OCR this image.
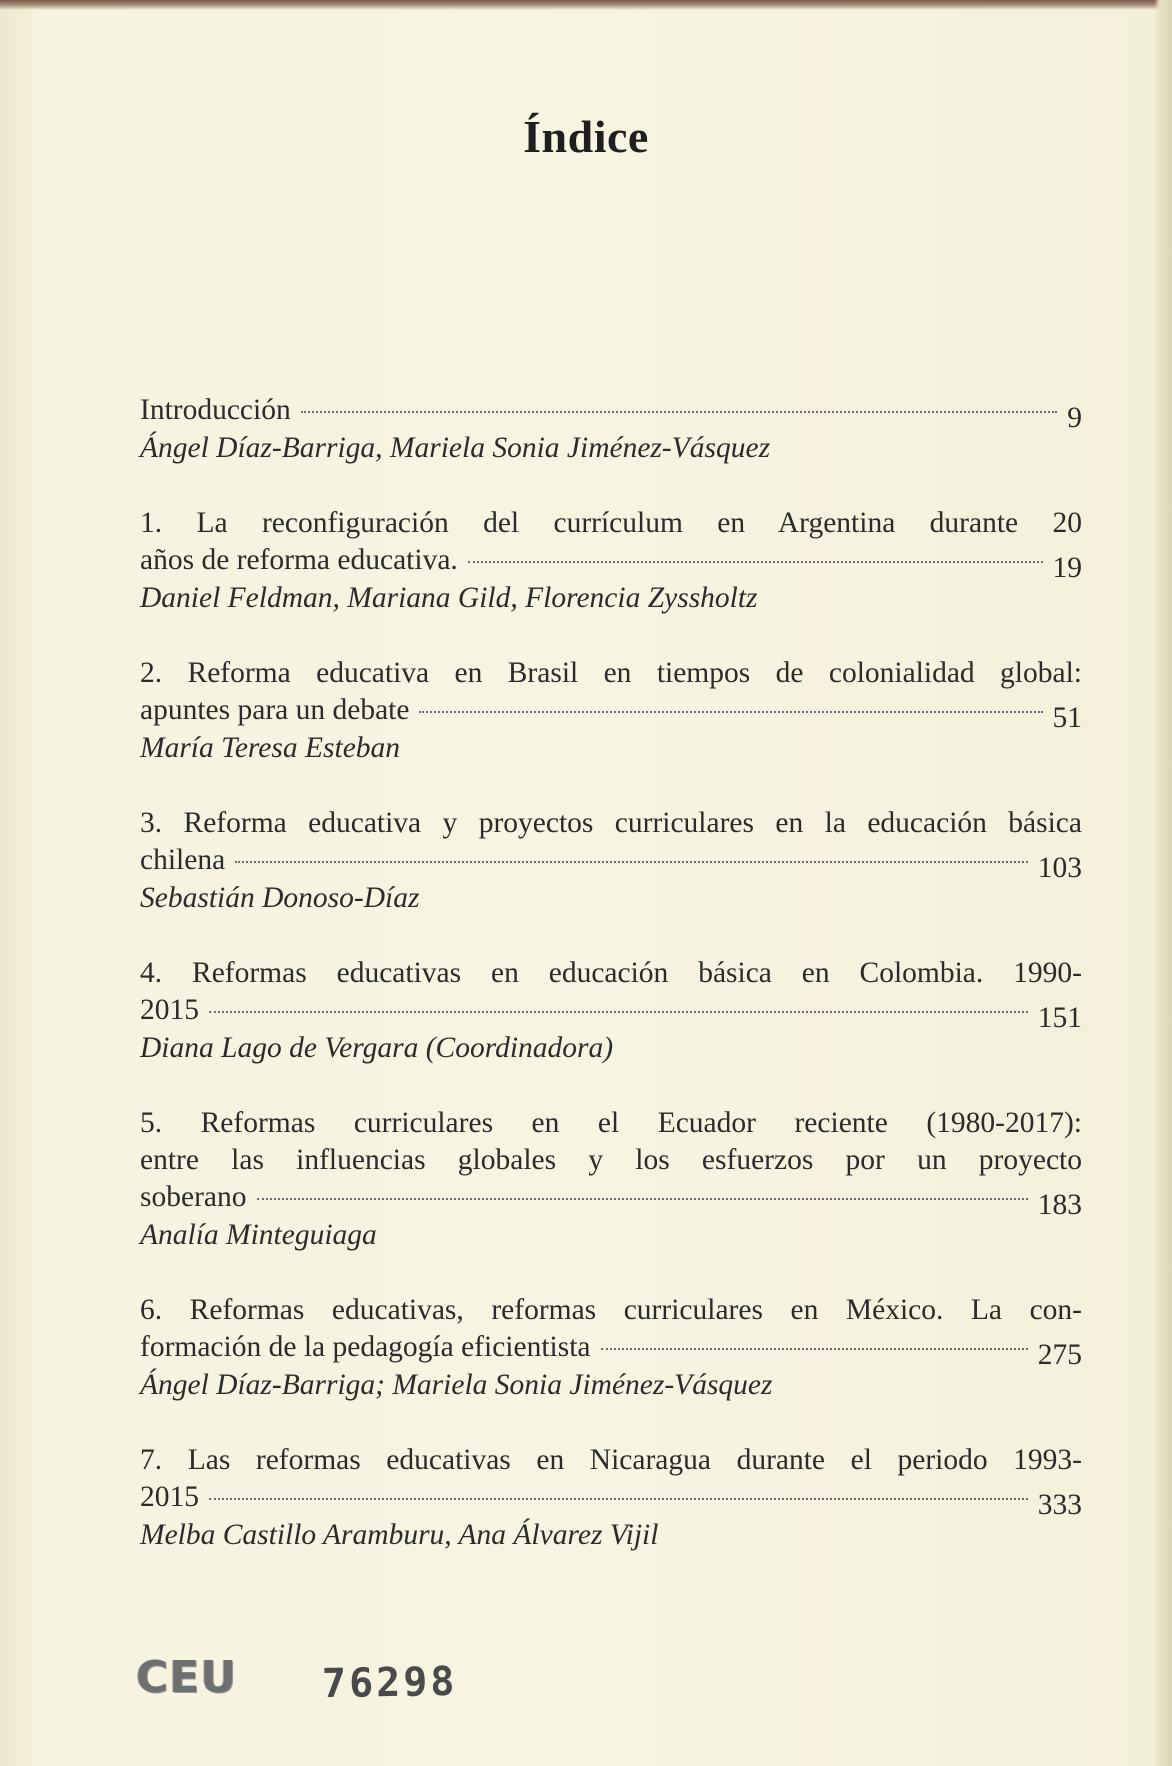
Índice
Introducción	9
Ángel Díaz-Barriga, Mariela Sonia Jiménez-Vásquez
1. La reconfiguración del currículum en Argentina durante 20
años de reforma educativa.	19
Daniel Feldman, Mariana Gild, Florencia Zyssholtz
2. Reforma educativa en Brasil en tiempos de colonialidad global:
apuntes para un debate	51
María Teresa Esteban
3. Reforma educativa y proyectos curriculares en la educación básica
chilena	103
Sebastián Donoso-Díaz
4. Reformas educativas en educación básica en Colombia. 1990-
2015	151
Diana Lago de Vergara (Coordinadora)
5. Reformas curriculares en el Ecuador reciente (1980-2017):
entre las influencias globales y los esfuerzos por un proyecto
soberano	183
Analía Minteguiaga
6. Reformas educativas, reformas curriculares en México. La con-
formación de la pedagogía eficientista	275
Ángel Díaz-Barriga; Mariela Sonia Jiménez-Vásquez
7. Las reformas educativas en Nicaragua durante el periodo 1993-
2015	333
Melba Castillo Aramburu, Ana Álvarez Vijil
CEU 76298
